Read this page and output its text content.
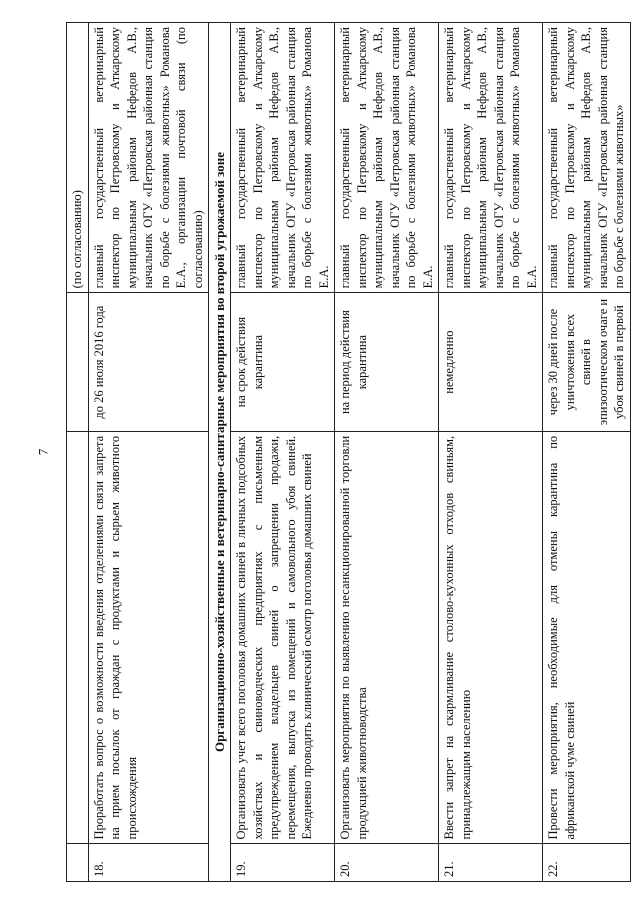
7
			(по согласованию)
18.	Проработать вопрос о возможности введения отделениями связи запрета на прием посылок от граждан с продуктами и сырьем животного происхождения	до 26 июля 2016 года	главный государственный ветеринарный инспектор по Петровскому и Аткарскому муниципальным районам Нефедов А.В., начальник ОГУ «Петровская районная станция по борьбе с болезнями животных» Романова Е.А., организации почтовой связи (по согласованию)
Организационно-хозяйственные и ветеринарно-санитарные мероприятия во второй угрожаемой зоне			
19.	Организовать учет всего поголовья домашних свиней в личных подсобных хозяйствах и свиноводческих предприятиях с письменным предупреждением владельцев свиней о запрещении продажи, перемещения, выпуска из помещений и самовольного убоя свиней. Ежедневно проводить клинический осмотр поголовья домашних свиней	на срок действия карантина	главный государственный ветеринарный инспектор по Петровскому и Аткарскому муниципальным районам Нефедов А.В., начальник ОГУ «Петровская районная станция по борьбе с болезнями животных» Романова Е.А.
20.	Организовать мероприятия по выявлению несанкционированной торговли продукцией животноводства	на период действия карантина	главный государственный ветеринарный инспектор по Петровскому и Аткарскому муниципальным районам Нефедов А.В., начальник ОГУ «Петровская районная станция по борьбе с болезнями животных» Романова Е.А.
21.	Ввести запрет на скармливание столово-кухонных отходов свиньям, принадлежащим населению	немедленно	главный государственный ветеринарный инспектор по Петровскому и Аткарскому муниципальным районам Нефедов А.В., начальник ОГУ «Петровская районная станция по борьбе с болезнями животных» Романова Е.А.
22.	Провести мероприятия, необходимые для отмены карантина по африканской чуме свиней	через 30 дней после уничтожения всех свиней в эпизоотическом очаге и убоя свиней в первой	главный государственный ветеринарный инспектор по Петровскому и Аткарскому муниципальным районам Нефедов А.В., начальник ОГУ «Петровская районная станция по борьбе с болезнями животных»
